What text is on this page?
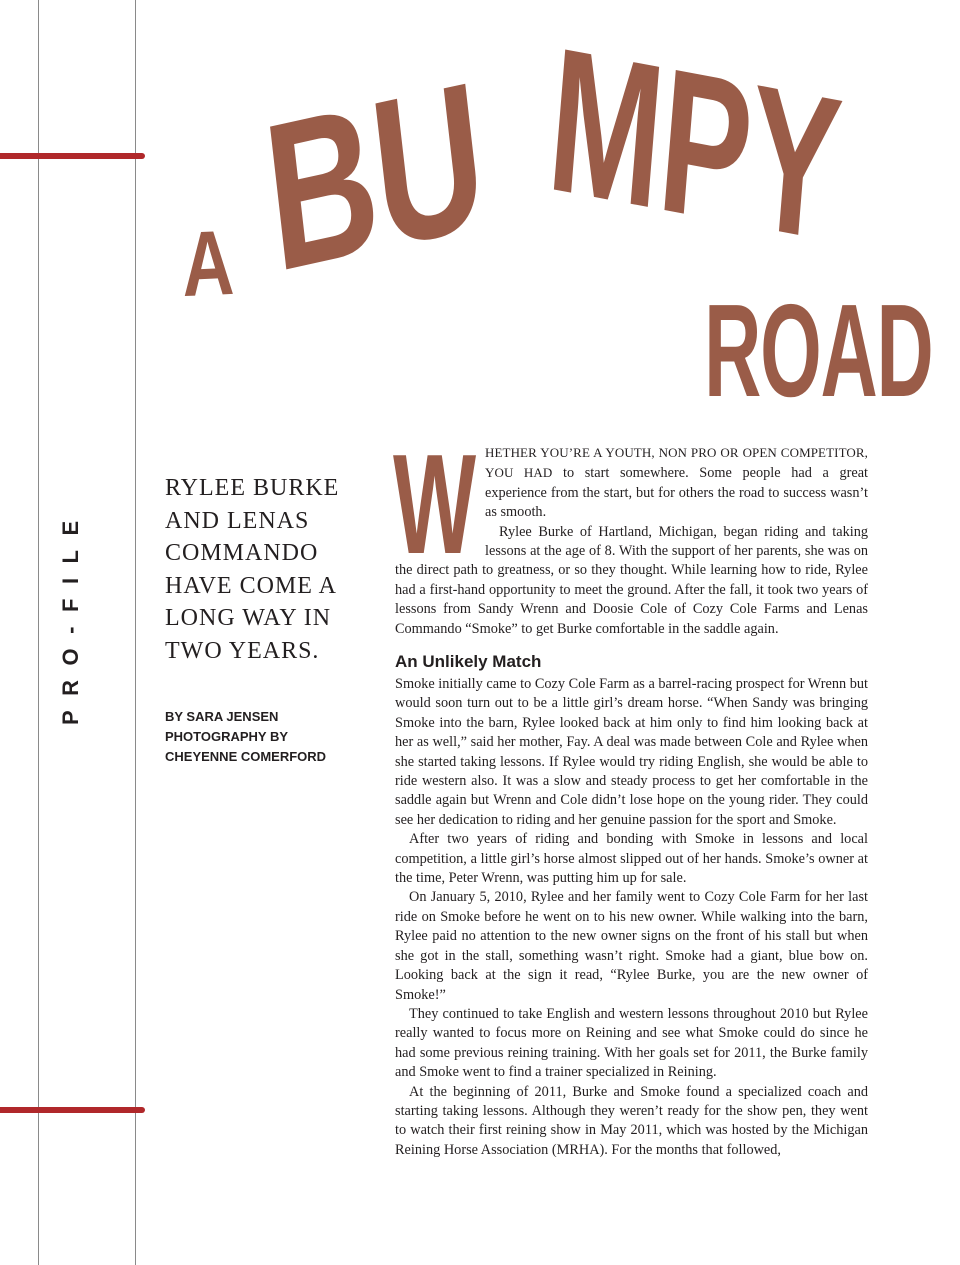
PRO-FILE
A BU MPY
ROAD
RYLEE BURKE
AND LENAS
COMMANDO
HAVE COME A
LONG WAY IN
TWO YEARS.
BY SARA JENSEN
PHOTOGRAPHY BY
CHEYENNE COMERFORD
W HETHER YOU’RE A YOUTH, NON PRO OR OPEN COMPETITOR, YOU HAD to start somewhere. Some people had a great experience from the start, but for others the road to success wasn’t as smooth.

Rylee Burke of Hartland, Michigan, began riding and taking lessons at the age of 8. With the support of her parents, she was on the direct path to greatness, or so they thought. While learning how to ride, Rylee had a first-hand opportunity to meet the ground. After the fall, it took two years of lessons from Sandy Wrenn and Doosie Cole of Cozy Cole Farms and Lenas Commando “Smoke” to get Burke comfortable in the saddle again.

An Unlikely Match

Smoke initially came to Cozy Cole Farm as a barrel-racing prospect for Wrenn but would soon turn out to be a little girl’s dream horse. “When Sandy was bringing Smoke into the barn, Rylee looked back at him only to find him looking back at her as well,” said her mother, Fay. A deal was made between Cole and Rylee when she started taking lessons. If Rylee would try riding English, she would be able to ride western also. It was a slow and steady process to get her comfortable in the saddle again but Wrenn and Cole didn’t lose hope on the young rider. They could see her dedication to riding and her genuine passion for the sport and Smoke.

After two years of riding and bonding with Smoke in lessons and local competition, a little girl’s horse almost slipped out of her hands. Smoke’s owner at the time, Peter Wrenn, was putting him up for sale.

On January 5, 2010, Rylee and her family went to Cozy Cole Farm for her last ride on Smoke before he went on to his new owner. While walking into the barn, Rylee paid no attention to the new owner signs on the front of his stall but when she got in the stall, something wasn’t right. Smoke had a giant, blue bow on. Looking back at the sign it read, “Rylee Burke, you are the new owner of Smoke!”

They continued to take English and western lessons throughout 2010 but Rylee really wanted to focus more on Reining and see what Smoke could do since he had some previous reining training. With her goals set for 2011, the Burke family and Smoke went to find a trainer specialized in Reining.

At the beginning of 2011, Burke and Smoke found a specialized coach and starting taking lessons. Although they weren’t ready for the show pen, they went to watch their first reining show in May 2011, which was hosted by the Michigan Reining Horse Association (MRHA). For the months that followed,
